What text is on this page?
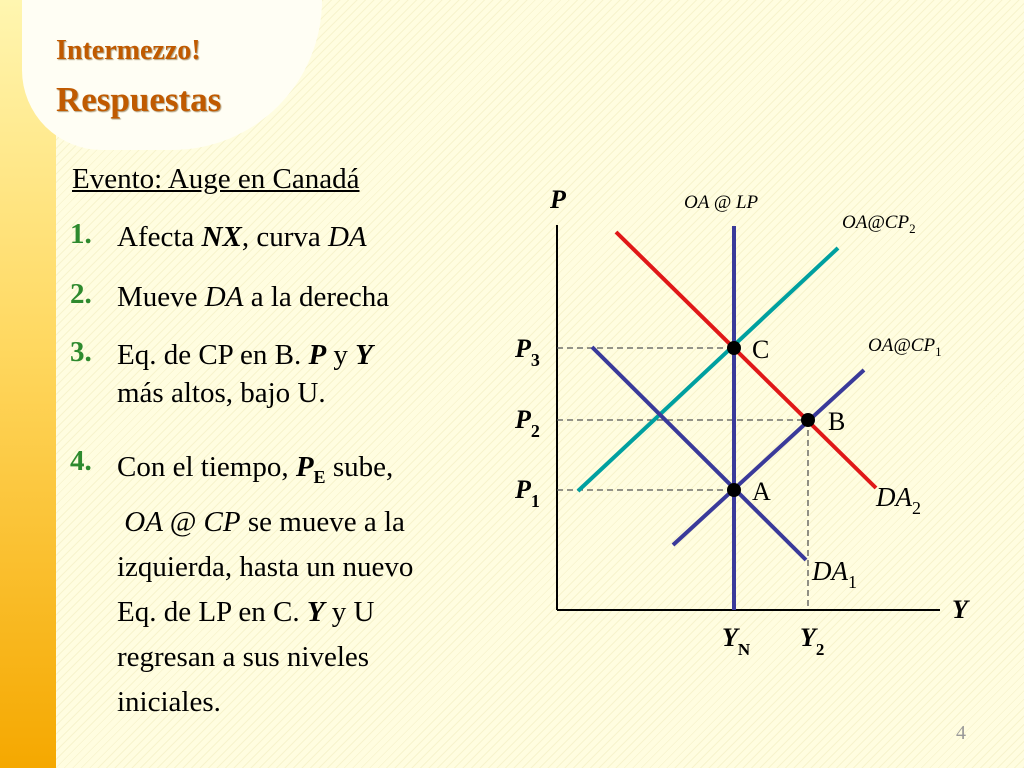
Intermezzo!
Respuestas
Evento: Auge en Canadá
1. Afecta NX, curva DA
2. Mueve DA a la derecha
3. Eq. de CP en B. P y Y
más altos, bajo U.
4. Con el tiempo, $P_E$ sube,
OA @ CP se mueve a la
izquierda, hasta un nuevo
Eq. de LP en C. Y y U
regresan a sus niveles
iniciales.
P
Y
OA @ LP
$OA@CP_2$
$OA@CP_1$
$DA_2$
$DA_1$
$P_3$
$P_2$
$P_1$
$Y_N$ $Y_2$
C
B
A
4
